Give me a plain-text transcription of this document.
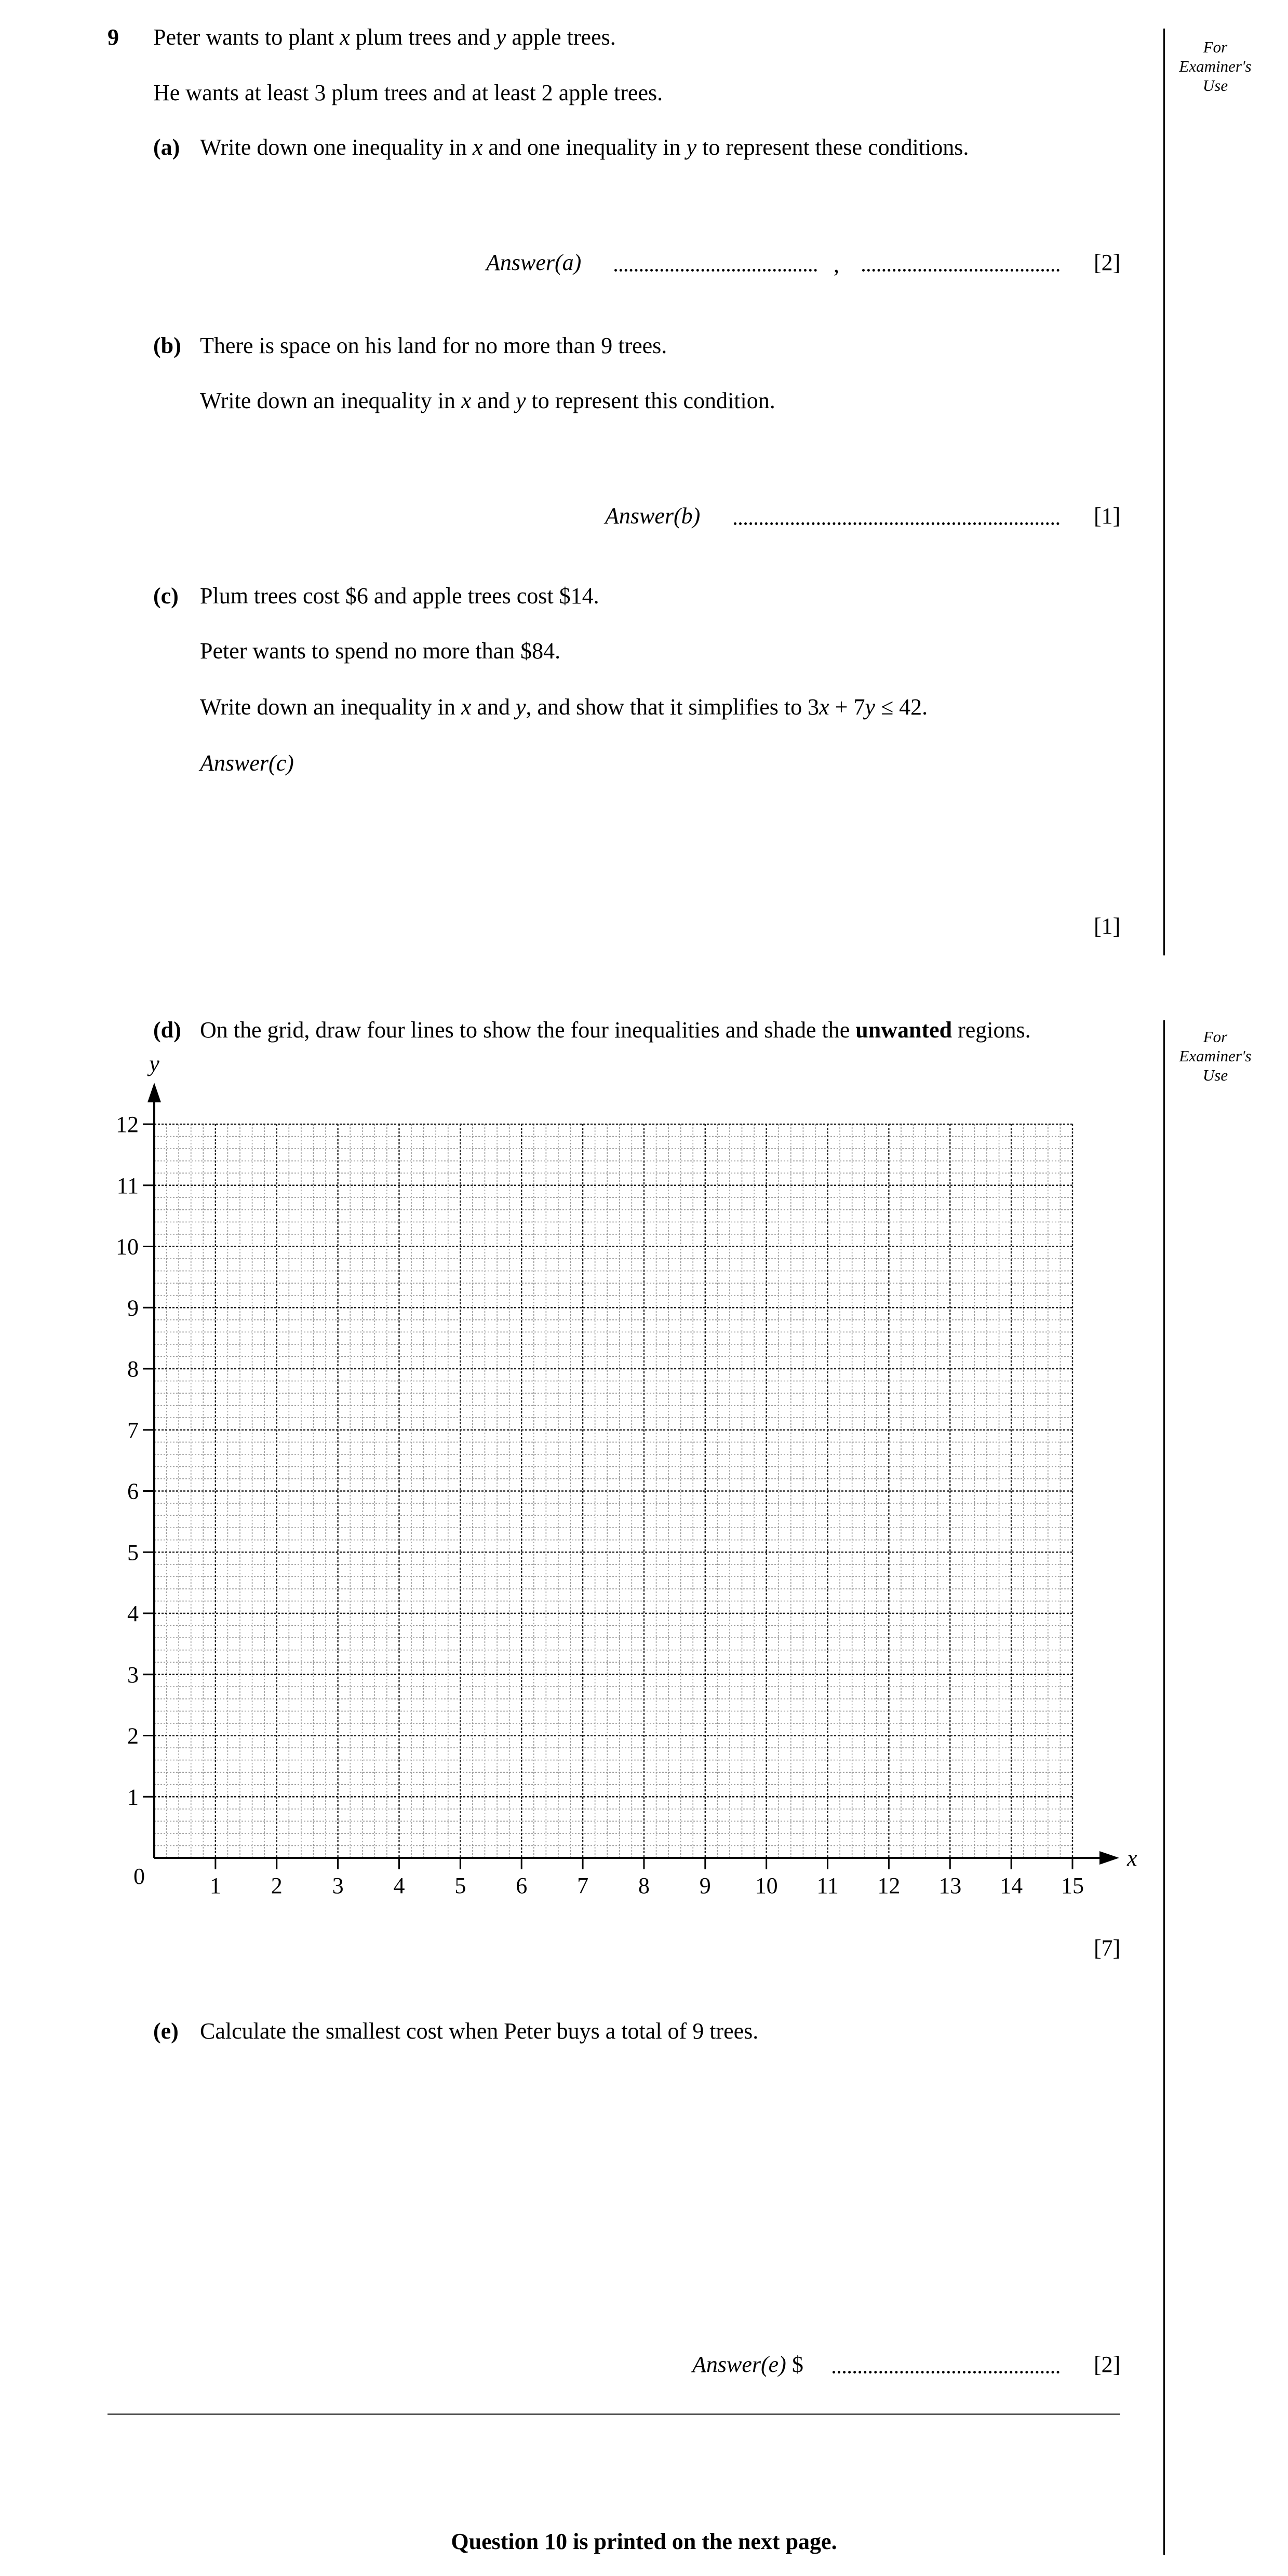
For
Examiner's
Use
For
Examiner's
Use
9 Peter wants to plant x plum trees and y apple trees.
He wants at least 3 plum trees and at least 2 apple trees.
(a) Write down one inequality in x and one inequality in y to represent these conditions.
Answer(a)	,	[2]
(b) There is space on his land for no more than 9 trees.
Write down an inequality in x and y to represent this condition.
Answer(b)	[1]
(c) Plum trees cost $6 and apple trees cost $14.
Peter wants to spend no more than $84.
Write down an inequality in x and y, and show that it simplifies to 3x + 7y ≤ 42.
Answer(c)
[1]
(d) On the grid, draw four lines to show the four inequalities and shade the unwanted regions.
1 2 3 4 5 6 7 8 9 10 11 12 13 14 15
1
2
3
4
5
6
7
8
9
10
11
12
0
x
y
[7]
(e) Calculate the smallest cost when Peter buys a total of 9 trees.
Answer(e) $	[2]
Question 10 is printed on the next page.
